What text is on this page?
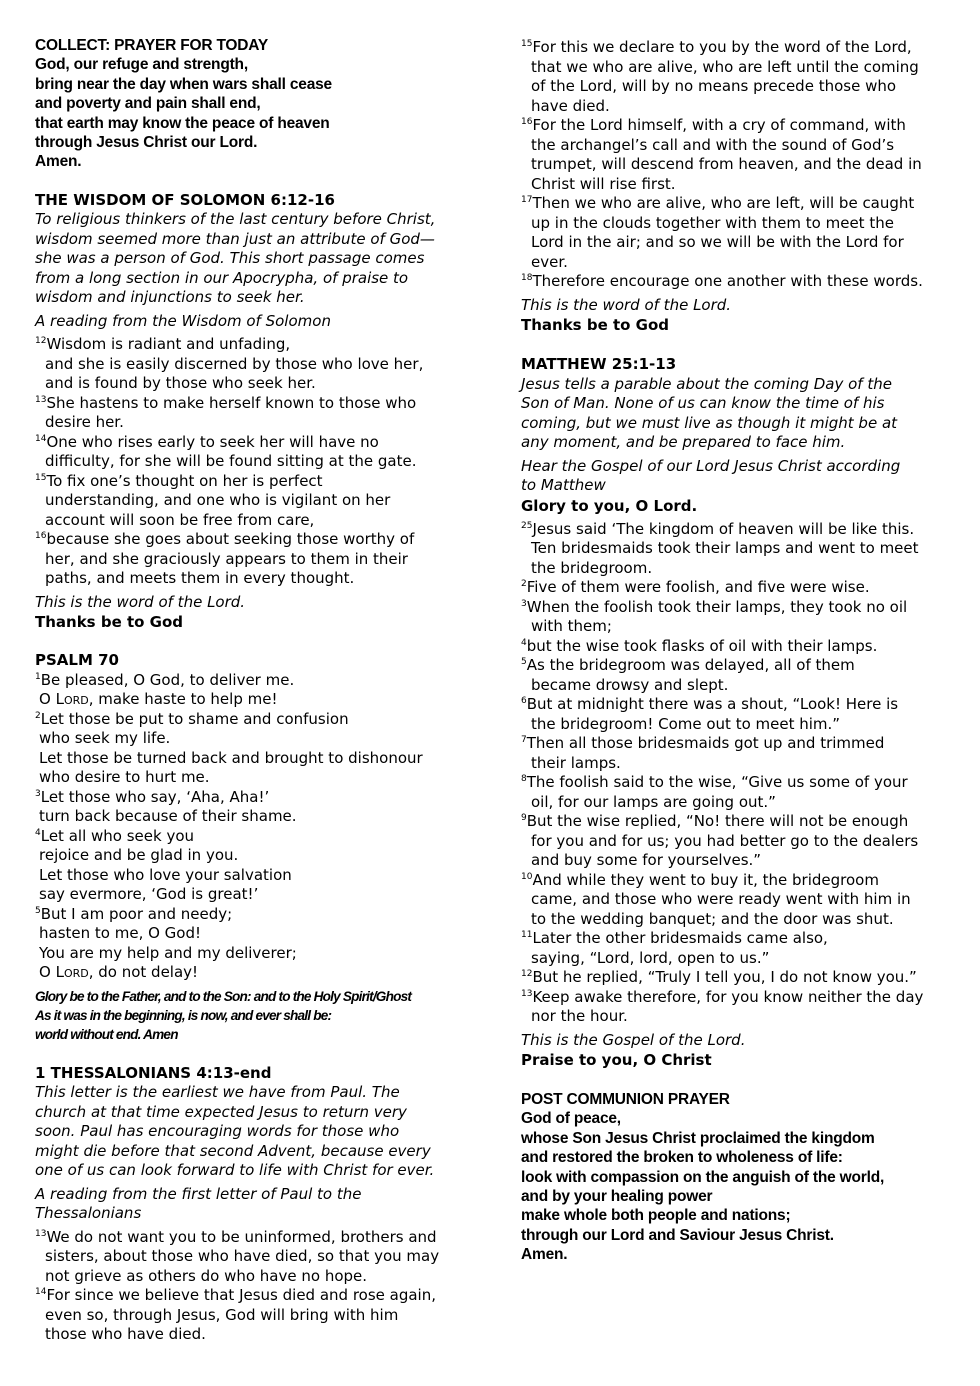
COLLECT: PRAYER FOR TODAY
God, our refuge and strength,
bring near the day when wars shall cease
and poverty and pain shall end,
that earth may know the peace of heaven
through Jesus Christ our Lord.
Amen.
THE WISDOM OF SOLOMON 6:12-16
To religious thinkers of the last century before Christ,
wisdom seemed more than just an attribute of God—
she was a person of God. This short passage comes
from a long section in our Apocrypha, of praise to
wisdom and injunctions to seek her.
A reading from the Wisdom of Solomon
$^{12}$Wisdom is radiant and unfading,
and she is easily discerned by those who love her,
and is found by those who seek her.
$^{13}$She hastens to make herself known to those who
desire her.
$^{14}$One who rises early to seek her will have no
difficulty, for she will be found sitting at the gate.
$^{15}$To fix one’s thought on her is perfect
understanding, and one who is vigilant on her
account will soon be free from care,
$^{16}$because she goes about seeking those worthy of
her, and she graciously appears to them in their
paths, and meets them in every thought.
This is the word of the Lord.
Thanks be to God
PSALM 70
$^1$Be pleased, O God, to deliver me.
O Lord, make haste to help me!
$^2$Let those be put to shame and confusion
who seek my life.
Let those be turned back and brought to dishonour
who desire to hurt me.
$^3$Let those who say, ‘Aha, Aha!’
turn back because of their shame.
$^4$Let all who seek you
rejoice and be glad in you.
Let those who love your salvation
say evermore, ‘God is great!’
$^5$But I am poor and needy;
hasten to me, O God!
You are my help and my deliverer;
O Lord, do not delay!
Glory be to the Father, and to the Son: and to the Holy Spirit/Ghost
As it was in the beginning, is now, and ever shall be:
world without end. Amen
1 THESSALONIANS 4:13-end
This letter is the earliest we have from Paul. The
church at that time expected Jesus to return very
soon. Paul has encouraging words for those who
might die before that second Advent, because every
one of us can look forward to life with Christ for ever.
A reading from the first letter of Paul to the
Thessalonians
$^{13}$We do not want you to be uninformed, brothers and
sisters, about those who have died, so that you may
not grieve as others do who have no hope.
$^{14}$For since we believe that Jesus died and rose again,
even so, through Jesus, God will bring with him
those who have died.
$^{15}$For this we declare to you by the word of the Lord,
that we who are alive, who are left until the coming
of the Lord, will by no means precede those who
have died.
$^{16}$For the Lord himself, with a cry of command, with
the archangel’s call and with the sound of God’s
trumpet, will descend from heaven, and the dead in
Christ will rise first.
$^{17}$Then we who are alive, who are left, will be caught
up in the clouds together with them to meet the
Lord in the air; and so we will be with the Lord for
ever.
$^{18}$Therefore encourage one another with these words.
This is the word of the Lord.
Thanks be to God
MATTHEW 25:1-13
Jesus tells a parable about the coming Day of the
Son of Man. None of us can know the time of his
coming, but we must live as though it might be at
any moment, and be prepared to face him.
Hear the Gospel of our Lord Jesus Christ according
to Matthew
Glory to you, O Lord.
$^{25}$Jesus said ‘The kingdom of heaven will be like this.
Ten bridesmaids took their lamps and went to meet
the bridegroom.
$^2$Five of them were foolish, and five were wise.
$^3$When the foolish took their lamps, they took no oil
with them;
$^4$but the wise took flasks of oil with their lamps.
$^5$As the bridegroom was delayed, all of them
became drowsy and slept.
$^6$But at midnight there was a shout, “Look! Here is
the bridegroom! Come out to meet him.”
$^7$Then all those bridesmaids got up and trimmed
their lamps.
$^8$The foolish said to the wise, “Give us some of your
oil, for our lamps are going out.”
$^9$But the wise replied, “No! there will not be enough
for you and for us; you had better go to the dealers
and buy some for yourselves.”
$^{10}$And while they went to buy it, the bridegroom
came, and those who were ready went with him in
to the wedding banquet; and the door was shut.
$^{11}$Later the other bridesmaids came also,
saying, “Lord, lord, open to us.”
$^{12}$But he replied, “Truly I tell you, I do not know you.”
$^{13}$Keep awake therefore, for you know neither the day
nor the hour.
This is the Gospel of the Lord.
Praise to you, O Christ
POST COMMUNION PRAYER
God of peace,
whose Son Jesus Christ proclaimed the kingdom
and restored the broken to wholeness of life:
look with compassion on the anguish of the world,
and by your healing power
make whole both people and nations;
through our Lord and Saviour Jesus Christ.
Amen.
